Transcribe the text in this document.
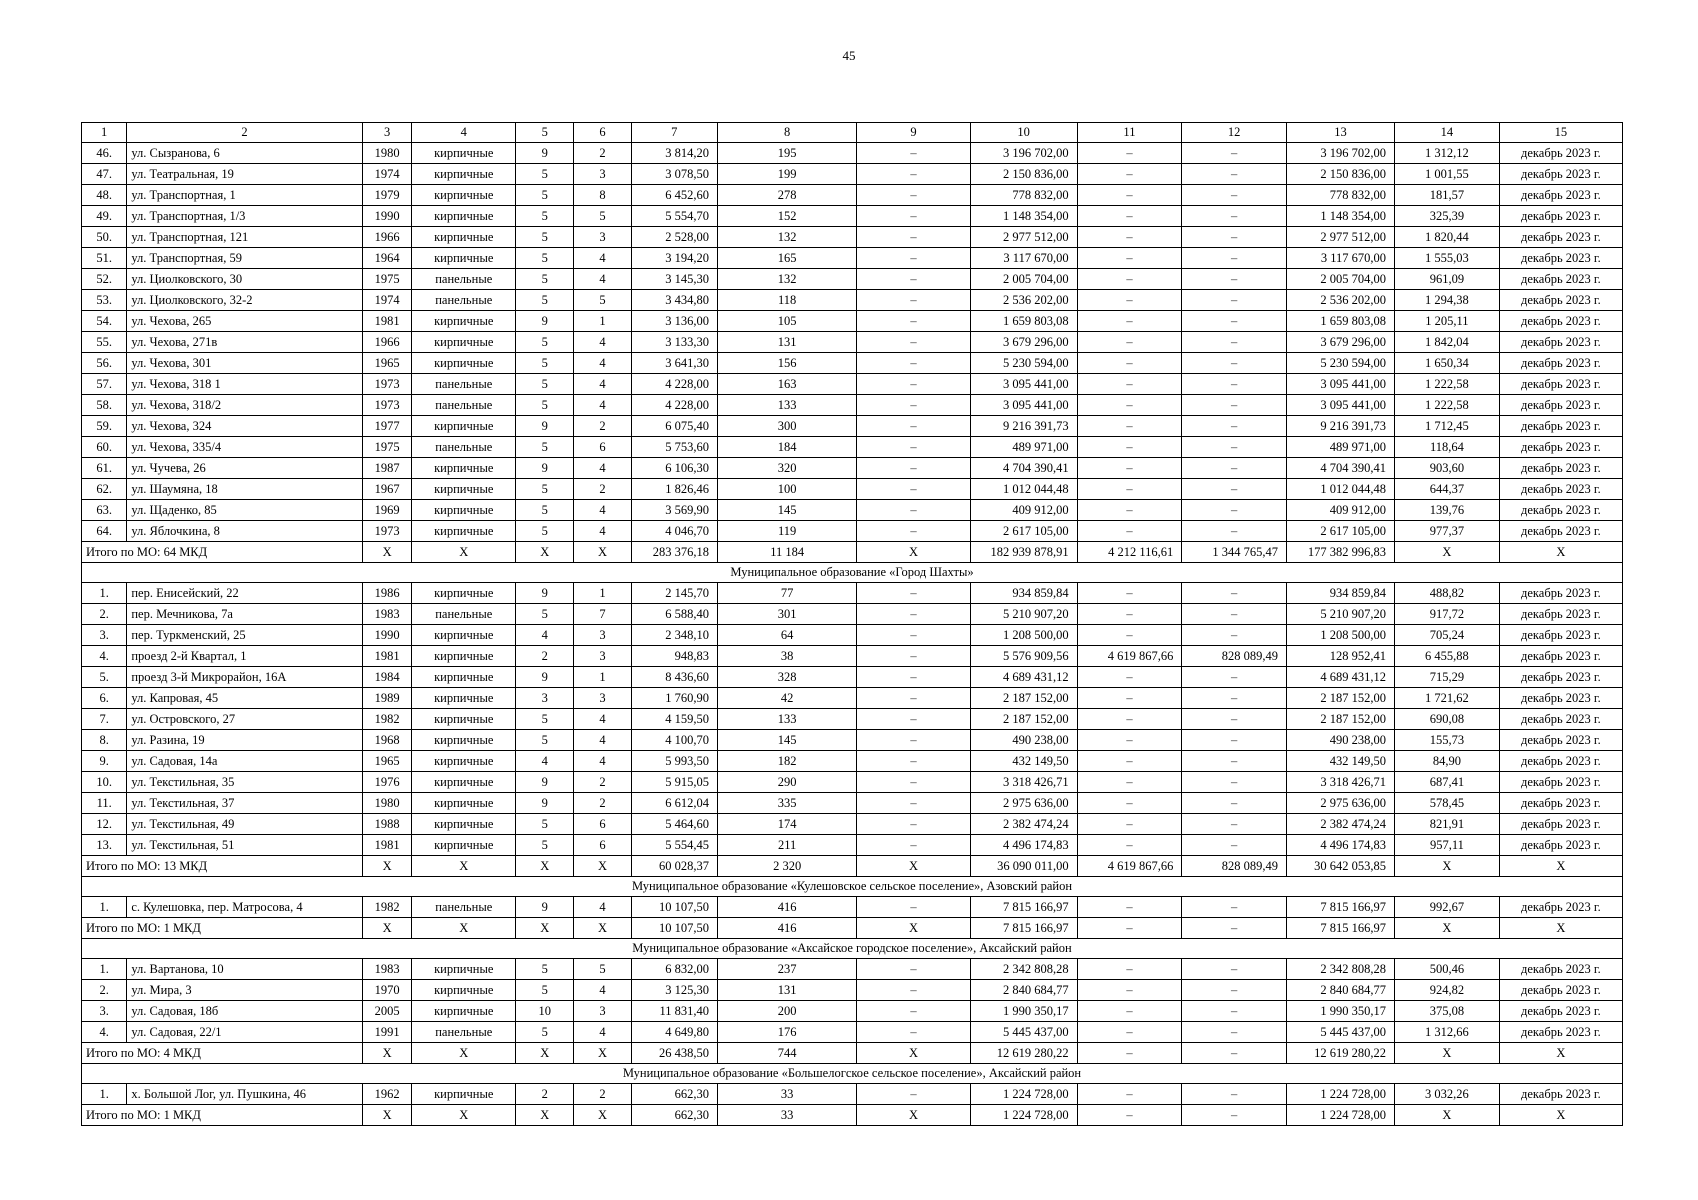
45
1	2	3	4	5	6	7	8	9	10	11	12	13	14	15
46.	ул. Сызранова, 6	1980	кирпичные	9	2	3 814,20	195	–	3 196 702,00	–	–	3 196 702,00	1 312,12	декабрь 2023 г.
47.	ул. Театральная, 19	1974	кирпичные	5	3	3 078,50	199	–	2 150 836,00	–	–	2 150 836,00	1 001,55	декабрь 2023 г.
48.	ул. Транспортная, 1	1979	кирпичные	5	8	6 452,60	278	–	778 832,00	–	–	778 832,00	181,57	декабрь 2023 г.
49.	ул. Транспортная, 1/3	1990	кирпичные	5	5	5 554,70	152	–	1 148 354,00	–	–	1 148 354,00	325,39	декабрь 2023 г.
50.	ул. Транспортная, 121	1966	кирпичные	5	3	2 528,00	132	–	2 977 512,00	–	–	2 977 512,00	1 820,44	декабрь 2023 г.
51.	ул. Транспортная, 59	1964	кирпичные	5	4	3 194,20	165	–	3 117 670,00	–	–	3 117 670,00	1 555,03	декабрь 2023 г.
52.	ул. Циолковского, 30	1975	панельные	5	4	3 145,30	132	–	2 005 704,00	–	–	2 005 704,00	961,09	декабрь 2023 г.
53.	ул. Циолковского, 32-2	1974	панельные	5	5	3 434,80	118	–	2 536 202,00	–	–	2 536 202,00	1 294,38	декабрь 2023 г.
54.	ул. Чехова, 265	1981	кирпичные	9	1	3 136,00	105	–	1 659 803,08	–	–	1 659 803,08	1 205,11	декабрь 2023 г.
55.	ул. Чехова, 271в	1966	кирпичные	5	4	3 133,30	131	–	3 679 296,00	–	–	3 679 296,00	1 842,04	декабрь 2023 г.
56.	ул. Чехова, 301	1965	кирпичные	5	4	3 641,30	156	–	5 230 594,00	–	–	5 230 594,00	1 650,34	декабрь 2023 г.
57.	ул. Чехова, 318 1	1973	панельные	5	4	4 228,00	163	–	3 095 441,00	–	–	3 095 441,00	1 222,58	декабрь 2023 г.
58.	ул. Чехова, 318/2	1973	панельные	5	4	4 228,00	133	–	3 095 441,00	–	–	3 095 441,00	1 222,58	декабрь 2023 г.
59.	ул. Чехова, 324	1977	кирпичные	9	2	6 075,40	300	–	9 216 391,73	–	–	9 216 391,73	1 712,45	декабрь 2023 г.
60.	ул. Чехова, 335/4	1975	панельные	5	6	5 753,60	184	–	489 971,00	–	–	489 971,00	118,64	декабрь 2023 г.
61.	ул. Чучева, 26	1987	кирпичные	9	4	6 106,30	320	–	4 704 390,41	–	–	4 704 390,41	903,60	декабрь 2023 г.
62.	ул. Шаумяна, 18	1967	кирпичные	5	2	1 826,46	100	–	1 012 044,48	–	–	1 012 044,48	644,37	декабрь 2023 г.
63.	ул. Щаденко, 85	1969	кирпичные	5	4	3 569,90	145	–	409 912,00	–	–	409 912,00	139,76	декабрь 2023 г.
64.	ул. Яблочкина, 8	1973	кирпичные	5	4	4 046,70	119	–	2 617 105,00	–	–	2 617 105,00	977,37	декабрь 2023 г.
Итого по МО: 64 МКД		X	X	X	X	283 376,18	11 184	X	182 939 878,91	4 212 116,61	1 344 765,47	177 382 996,83	X	X
Муниципальное образование «Город Шахты»														
1.	пер. Енисейский, 22	1986	кирпичные	9	1	2 145,70	77	–	934 859,84	–	–	934 859,84	488,82	декабрь 2023 г.
2.	пер. Мечникова, 7а	1983	панельные	5	7	6 588,40	301	–	5 210 907,20	–	–	5 210 907,20	917,72	декабрь 2023 г.
3.	пер. Туркменский, 25	1990	кирпичные	4	3	2 348,10	64	–	1 208 500,00	–	–	1 208 500,00	705,24	декабрь 2023 г.
4.	проезд 2-й Квартал, 1	1981	кирпичные	2	3	948,83	38	–	5 576 909,56	4 619 867,66	828 089,49	128 952,41	6 455,88	декабрь 2023 г.
5.	проезд 3-й Микрорайон, 16А	1984	кирпичные	9	1	8 436,60	328	–	4 689 431,12	–	–	4 689 431,12	715,29	декабрь 2023 г.
6.	ул. Капровая, 45	1989	кирпичные	3	3	1 760,90	42	–	2 187 152,00	–	–	2 187 152,00	1 721,62	декабрь 2023 г.
7.	ул. Островского, 27	1982	кирпичные	5	4	4 159,50	133	–	2 187 152,00	–	–	2 187 152,00	690,08	декабрь 2023 г.
8.	ул. Разина, 19	1968	кирпичные	5	4	4 100,70	145	–	490 238,00	–	–	490 238,00	155,73	декабрь 2023 г.
9.	ул. Садовая, 14а	1965	кирпичные	4	4	5 993,50	182	–	432 149,50	–	–	432 149,50	84,90	декабрь 2023 г.
10.	ул. Текстильная, 35	1976	кирпичные	9	2	5 915,05	290	–	3 318 426,71	–	–	3 318 426,71	687,41	декабрь 2023 г.
11.	ул. Текстильная, 37	1980	кирпичные	9	2	6 612,04	335	–	2 975 636,00	–	–	2 975 636,00	578,45	декабрь 2023 г.
12.	ул. Текстильная, 49	1988	кирпичные	5	6	5 464,60	174	–	2 382 474,24	–	–	2 382 474,24	821,91	декабрь 2023 г.
13.	ул. Текстильная, 51	1981	кирпичные	5	6	5 554,45	211	–	4 496 174,83	–	–	4 496 174,83	957,11	декабрь 2023 г.
Итого по МО: 13 МКД		X	X	X	X	60 028,37	2 320	X	36 090 011,00	4 619 867,66	828 089,49	30 642 053,85	X	X
Муниципальное образование «Кулешовское сельское поселение», Азовский район														
1.	с. Кулешовка, пер. Матросова, 4	1982	панельные	9	4	10 107,50	416	–	7 815 166,97	–	–	7 815 166,97	992,67	декабрь 2023 г.
Итого по МО: 1 МКД		X	X	X	X	10 107,50	416	X	7 815 166,97	–	–	7 815 166,97	X	X
Муниципальное образование «Аксайское городское поселение», Аксайский район														
1.	ул. Вартанова, 10	1983	кирпичные	5	5	6 832,00	237	–	2 342 808,28	–	–	2 342 808,28	500,46	декабрь 2023 г.
2.	ул. Мира, 3	1970	кирпичные	5	4	3 125,30	131	–	2 840 684,77	–	–	2 840 684,77	924,82	декабрь 2023 г.
3.	ул. Садовая, 18б	2005	кирпичные	10	3	11 831,40	200	–	1 990 350,17	–	–	1 990 350,17	375,08	декабрь 2023 г.
4.	ул. Садовая, 22/1	1991	панельные	5	4	4 649,80	176	–	5 445 437,00	–	–	5 445 437,00	1 312,66	декабрь 2023 г.
Итого по МО: 4 МКД		X	X	X	X	26 438,50	744	X	12 619 280,22	–	–	12 619 280,22	X	X
Муниципальное образование «Большелогское сельское поселение», Аксайский район														
1.	х. Большой Лог, ул. Пушкина, 46	1962	кирпичные	2	2	662,30	33	–	1 224 728,00	–	–	1 224 728,00	3 032,26	декабрь 2023 г.
Итого по МО: 1 МКД		X	X	X	X	662,30	33	X	1 224 728,00	–	–	1 224 728,00	X	X
